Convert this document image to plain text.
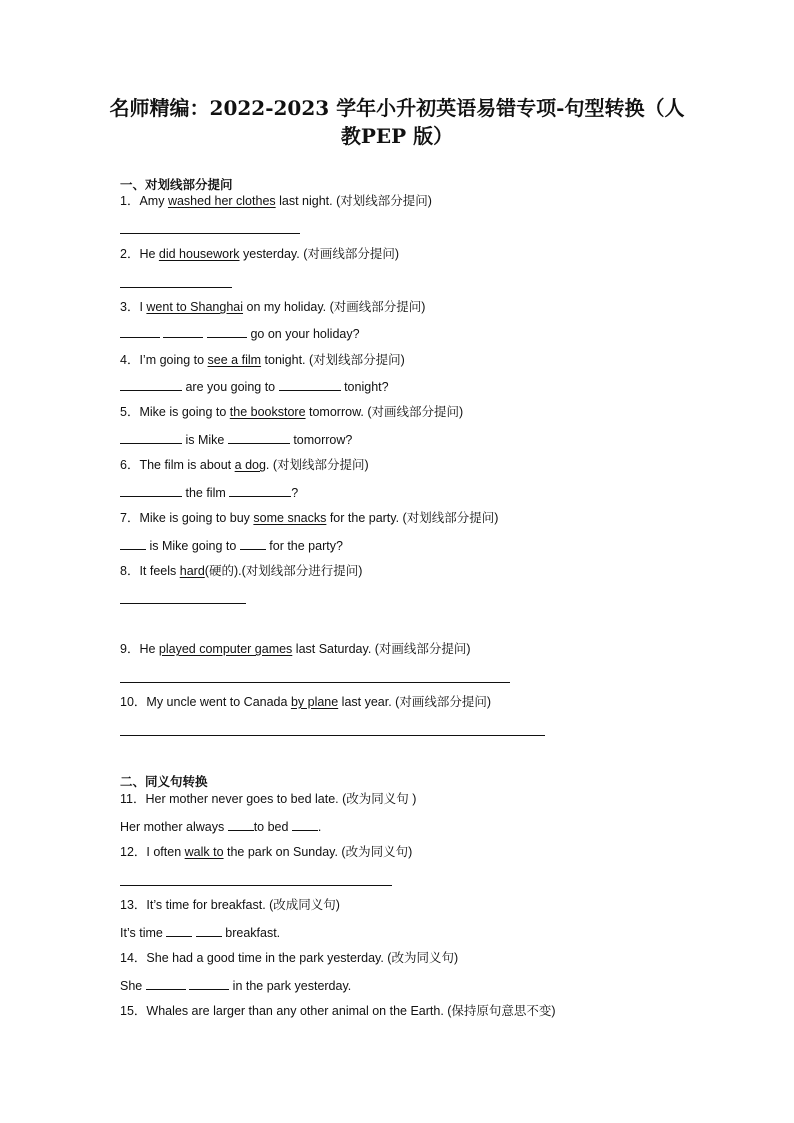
名师精编：2022-2023 学年小升初英语易错专项-句型转换（人
教PEP 版）
一、对划线部分提问
1．Amy washed her clothes last night. (对划线部分提问)
2．He did housework yesterday. (对画线部分提问)
3．I went to Shanghai on my holiday. (对画线部分提问)
go on your holiday?
4．I’m going to see a film tonight. (对划线部分提问)
are you going to	tonight?
5．Mike is going to the bookstore tomorrow. (对画线部分提问)
is Mike	tomorrow?
6．The film is about a dog. (对划线部分提问)
the film	?
7．Mike is going to buy some snacks for the party. (对划线部分提问)
is Mike going to  for the party?
8．It feels hard(硬的).(对划线部分进行提问)
9．He played computer games last Saturday. (对画线部分提问)
10．My uncle went to Canada by plane last year. (对画线部分提问)
二、同义句转换
11．Her mother never goes to bed late. (改为同义句 )
Her mother always to bed .
12．I often walk to the park on Sunday. (改为同义句)
13．It’s time for breakfast. (改成同义句)
It’s time	breakfast.
14．She had a good time in the park yesterday. (改为同义句)
She	in the park yesterday.
15．Whales are larger than any other animal on the Earth. (保持原句意思不变)
